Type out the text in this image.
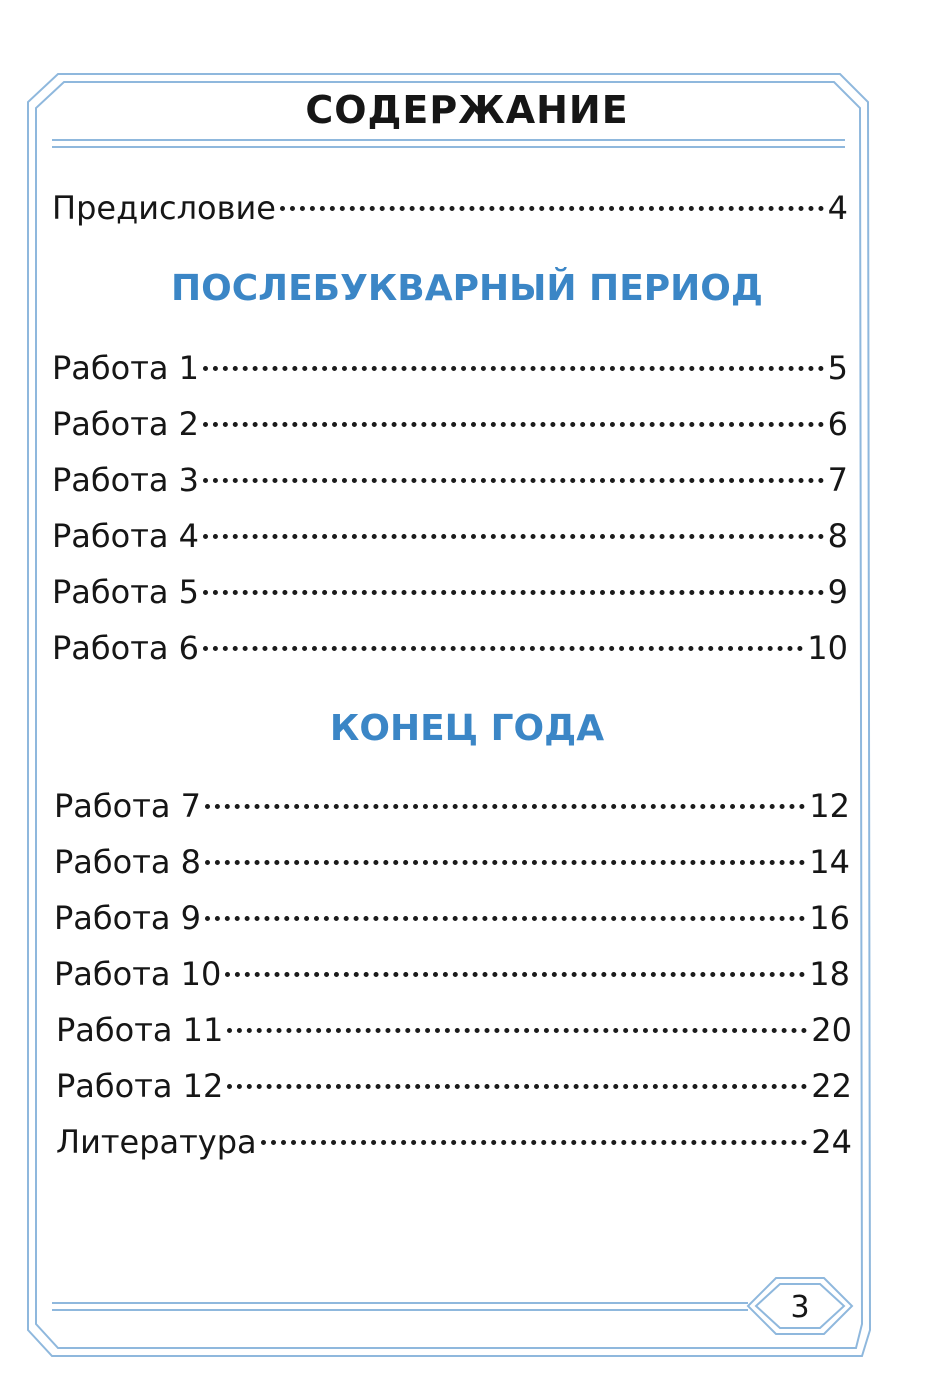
СОДЕРЖАНИЕ
Предисловие	4
ПОСЛЕБУКВАРНЫЙ ПЕРИОД
Работа 1	5
Работа 2	6
Работа 3	7
Работа 4	8
Работа 5	9
Работа 6	10
КОНЕЦ ГОДА
Работа 7	12
Работа 8	14
Работа 9	16
Работа 10	18
Работа 11	20
Работа 12	22
Литература	24
3
